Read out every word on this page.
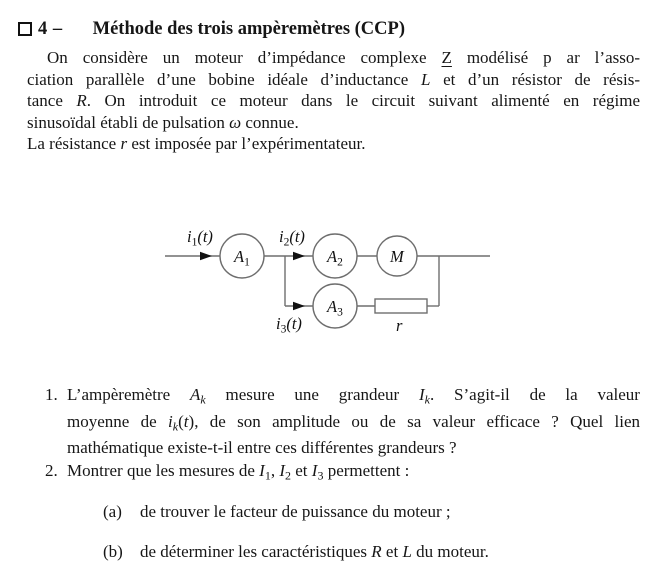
4 – Méthode des trois ampèremètres (CCP)
On considère un moteur d’impédance complexe Z modélisé p ar l’asso-
ciation parallèle d’une bobine idéale d’inductance L et d’un résistor de résis-
tance R. On introduit ce moteur dans le circuit suivant alimenté en régime
sinusoïdal établi de pulsation ω connue.
La résistance r est imposée par l’expérimentateur.
$i_1(t)$	$i_2(t)$
$i_3(t)$
$A_1$	$A_2$
$A_3$
M
r
1. L’ampèremètre $A_k$ mesure une grandeur $I_k$. S’agit-il de la valeur
moyenne de $i_k(t)$, de son amplitude ou de sa valeur efficace ? Quel lien
mathématique existe-t-il entre ces différentes grandeurs ?
2. Montrer que les mesures de $I_1$, $I_2$ et $I_3$ permettent :
(a) de trouver le facteur de puissance du moteur ;
(b) de déterminer les caractéristiques R et L du moteur.
